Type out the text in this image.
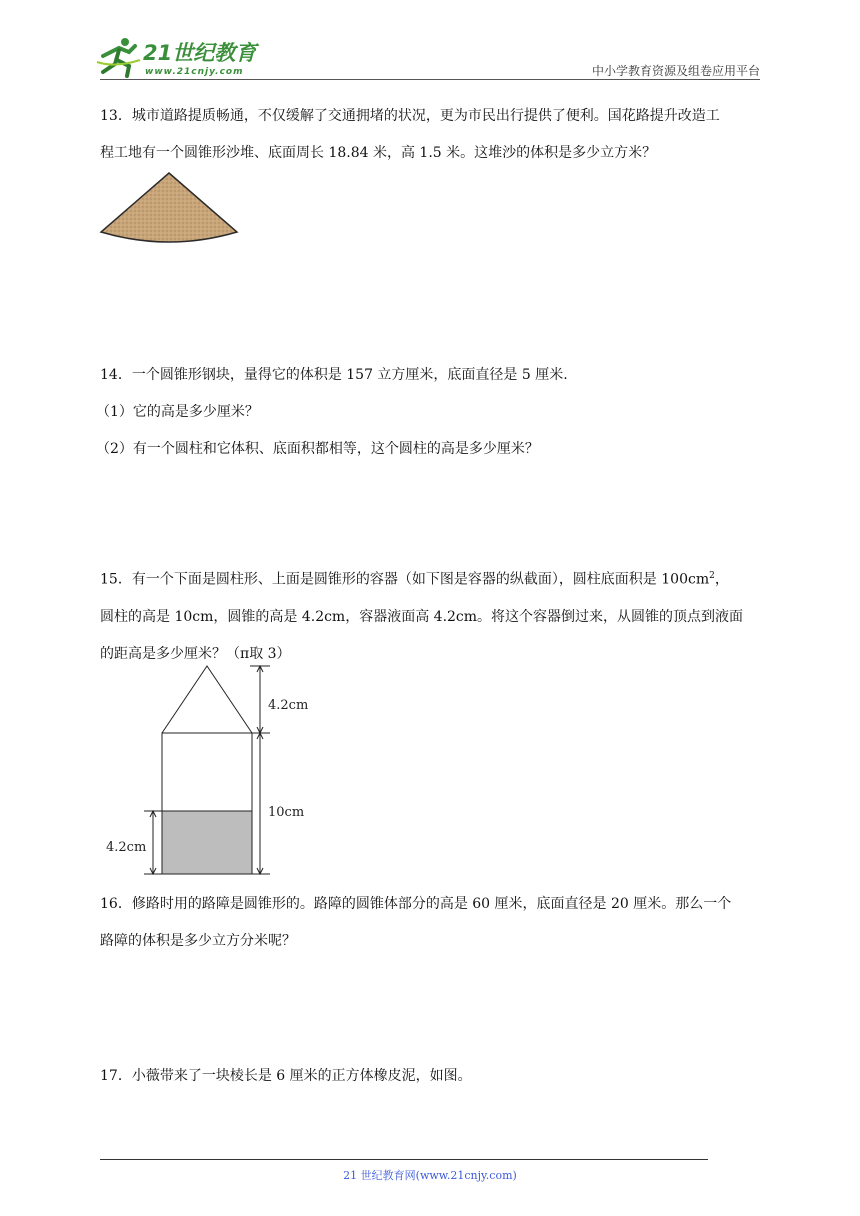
21世纪教育
www.21cnjy.com	中小学教育资源及组卷应用平台

13．城市道路提质畅通，不仅缓解了交通拥堵的状况，更为市民出行提供了便利。国花路提升改造工

程工地有一个圆锥形沙堆、底面周长 18.84 米，高 1.5 米。这堆沙的体积是多少立方米？

14．一个圆锥形钢块，量得它的体积是 157 立方厘米，底面直径是 5 厘米.

（1）它的高是多少厘米？

（2）有一个圆柱和它体积、底面积都相等，这个圆柱的高是多少厘米？

15．有一个下面是圆柱形、上面是圆锥形的容器（如下图是容器的纵截面），圆柱底面积是 $100cm^2$，

圆柱的高是 10cm，圆锥的高是 4.2cm，容器液面高 4.2cm。将这个容器倒过来，从圆锥的顶点到液面

的距高是多少厘米？（π取 3）

4.2cm
10cm
4.2cm

16．修路时用的路障是圆锥形的。路障的圆锥体部分的高是 60 厘米，底面直径是 20 厘米。那么一个

路障的体积是多少立方分米呢？

17．小薇带来了一块棱长是 6 厘米的正方体橡皮泥，如图。

21 世纪教育网(www.21cnjy.com)
